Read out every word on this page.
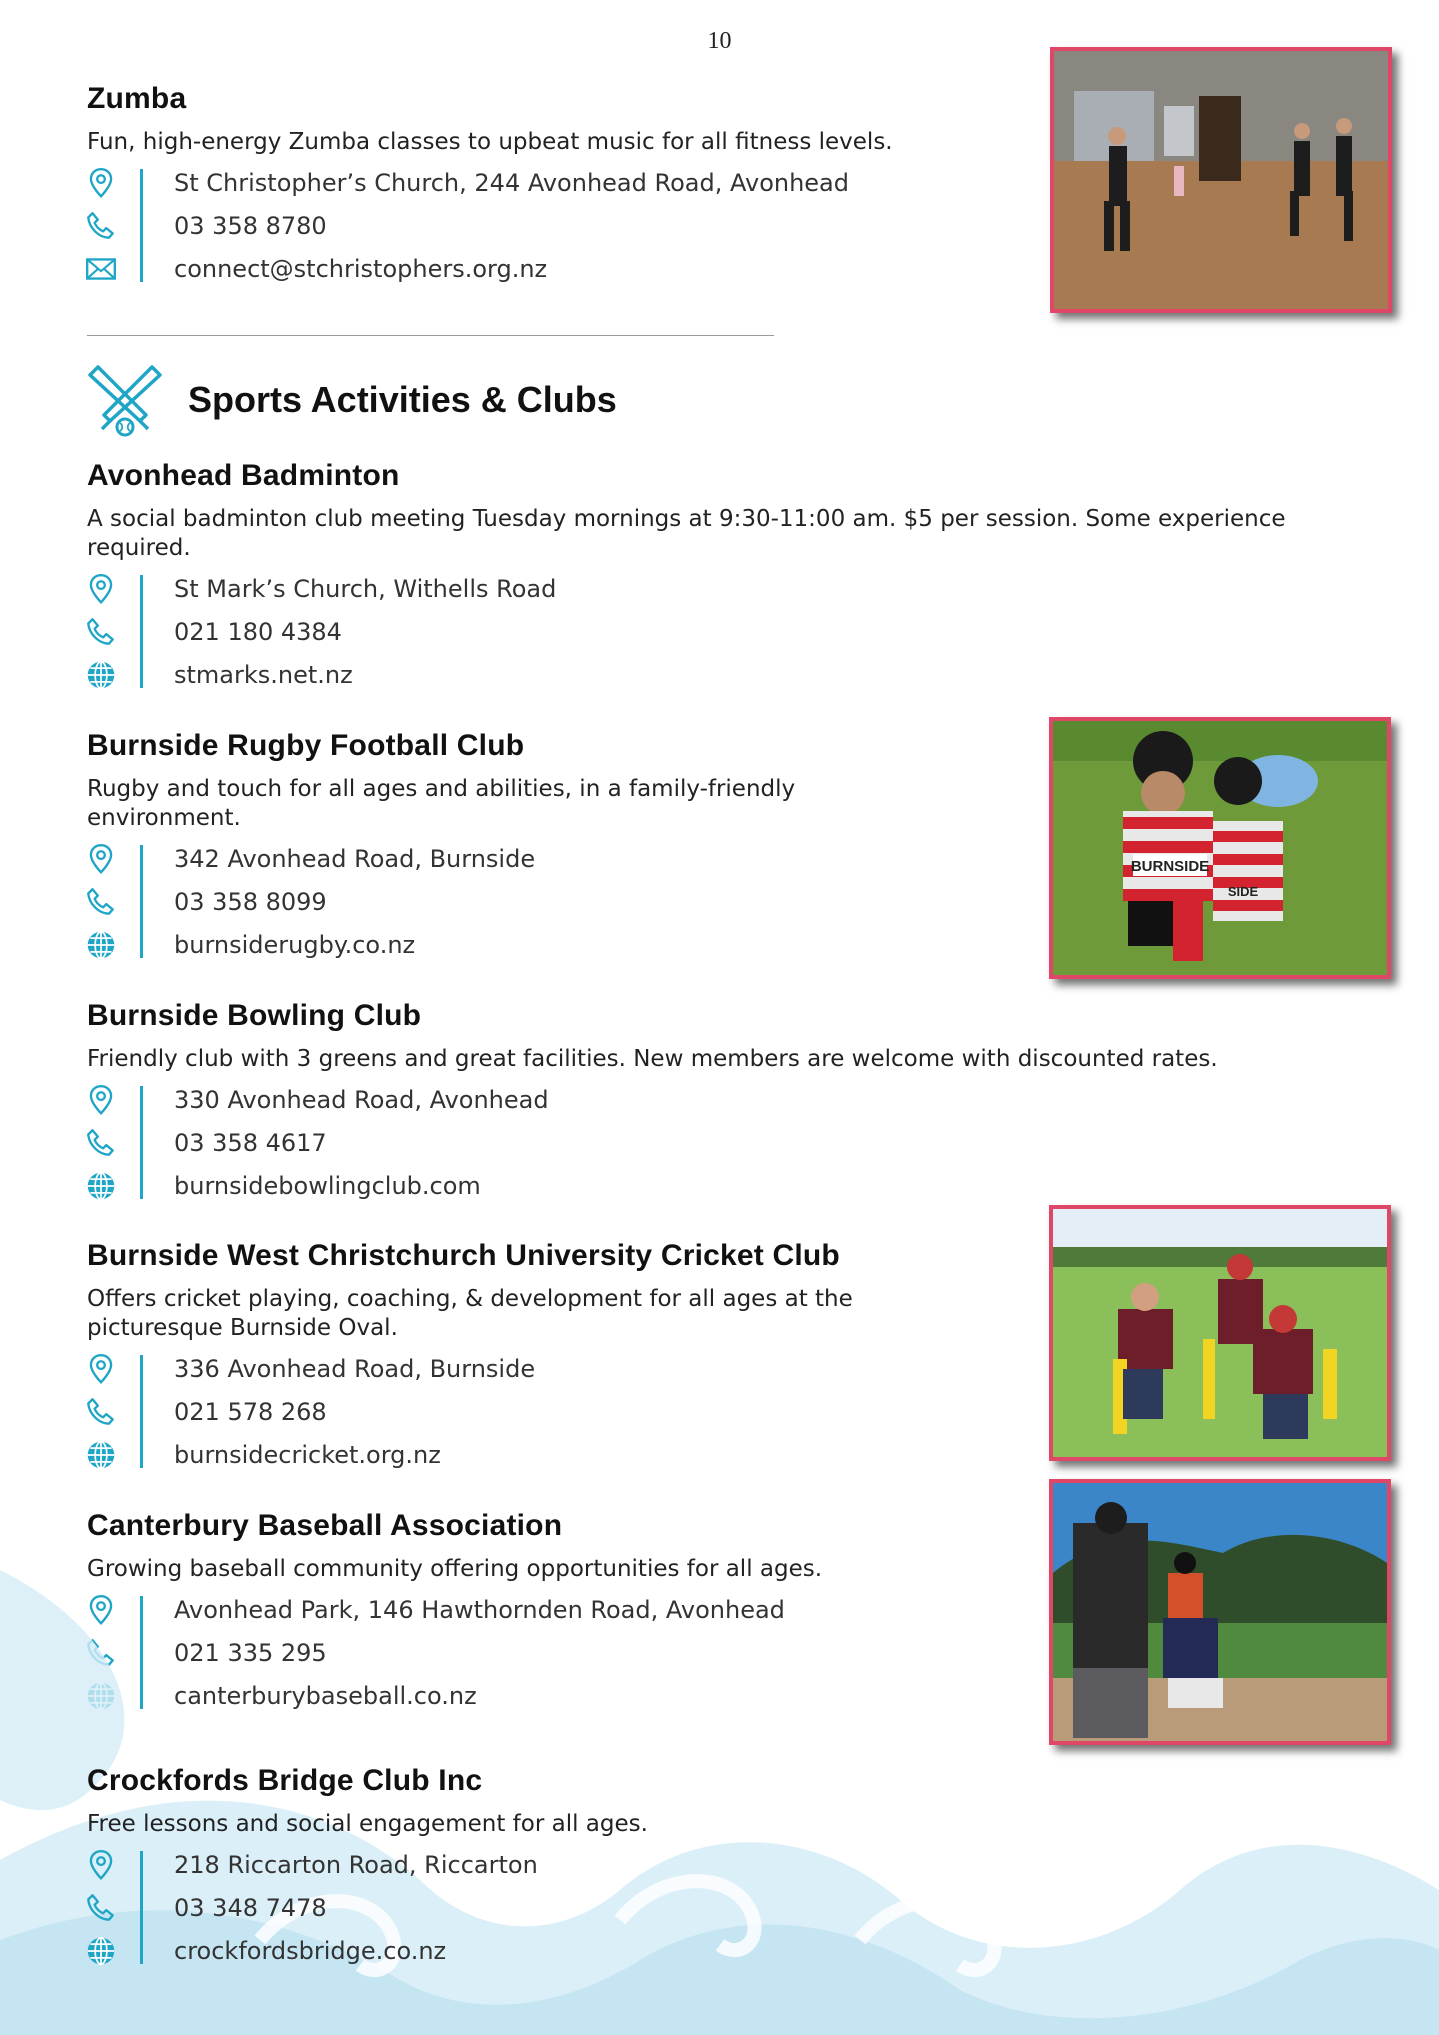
10
Zumba

Fun, high-energy Zumba classes to upbeat music for all fitness levels.

St Christopher’s Church, 244 Avonhead Road, Avonhead
03 358 8780
connect@stchristophers.org.nz
Sports Activities & Clubs
Avonhead Badminton

A social badminton club meeting Tuesday mornings at 9:30-11:00 am. $5 per session. Some experience required.

St Mark’s Church, Withells Road
021 180 4384
stmarks.net.nz
Burnside Rugby Football Club

Rugby and touch for all ages and abilities, in a family-friendly environment.

342 Avonhead Road, Burnside
03 358 8099
burnsiderugby.co.nz
Burnside Bowling Club

Friendly club with 3 greens and great facilities. New members are welcome with discounted rates.

330 Avonhead Road, Avonhead
03 358 4617
burnsidebowlingclub.com
Burnside West Christchurch University Cricket Club

Offers cricket playing, coaching, & development for all ages at the picturesque Burnside Oval.

336 Avonhead Road, Burnside
021 578 268
burnsidecricket.org.nz
Canterbury Baseball Association

Growing baseball community offering opportunities for all ages.

Avonhead Park, 146 Hawthornden Road, Avonhead
021 335 295
canterburybaseball.co.nz
Crockfords Bridge Club Inc

Free lessons and social engagement for all ages.

218 Riccarton Road, Riccarton
03 348 7478
crockfordsbridge.co.nz
BURNSIDE
SIDE
